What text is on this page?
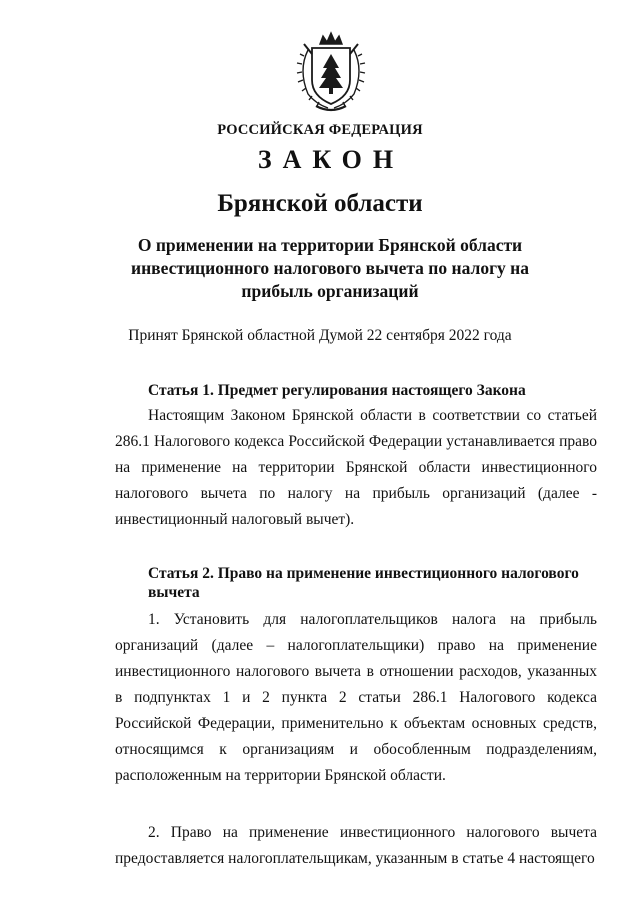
РОССИЙСКАЯ ФЕДЕРАЦИЯ
ЗАКОН
Брянской области
О применении на территории Брянской области инвестиционного налогового вычета по налогу на прибыль организаций
Принят Брянской областной Думой 22 сентября 2022 года
Статья 1. Предмет регулирования настоящего Закона
Настоящим Законом Брянской области в соответствии со статьей 286.1 Налогового кодекса Российской Федерации устанавливается право на применение на территории Брянской области инвестиционного налогового вычета по налогу на прибыль организаций (далее - инвестиционный налоговый вычет).
Статья 2. Право на применение инвестиционного налогового вычета
1. Установить для налогоплательщиков налога на прибыль организаций (далее – налогоплательщики) право на применение инвестиционного налогового вычета в отношении расходов, указанных в подпунктах 1 и 2 пункта 2 статьи 286.1 Налогового кодекса Российской Федерации, применительно к объектам основных средств, относящимся к организациям и обособленным подразделениям, расположенным на территории Брянской области.
2. Право на применение инвестиционного налогового вычета предоставляется налогоплательщикам, указанным в статье 4 настоящего
